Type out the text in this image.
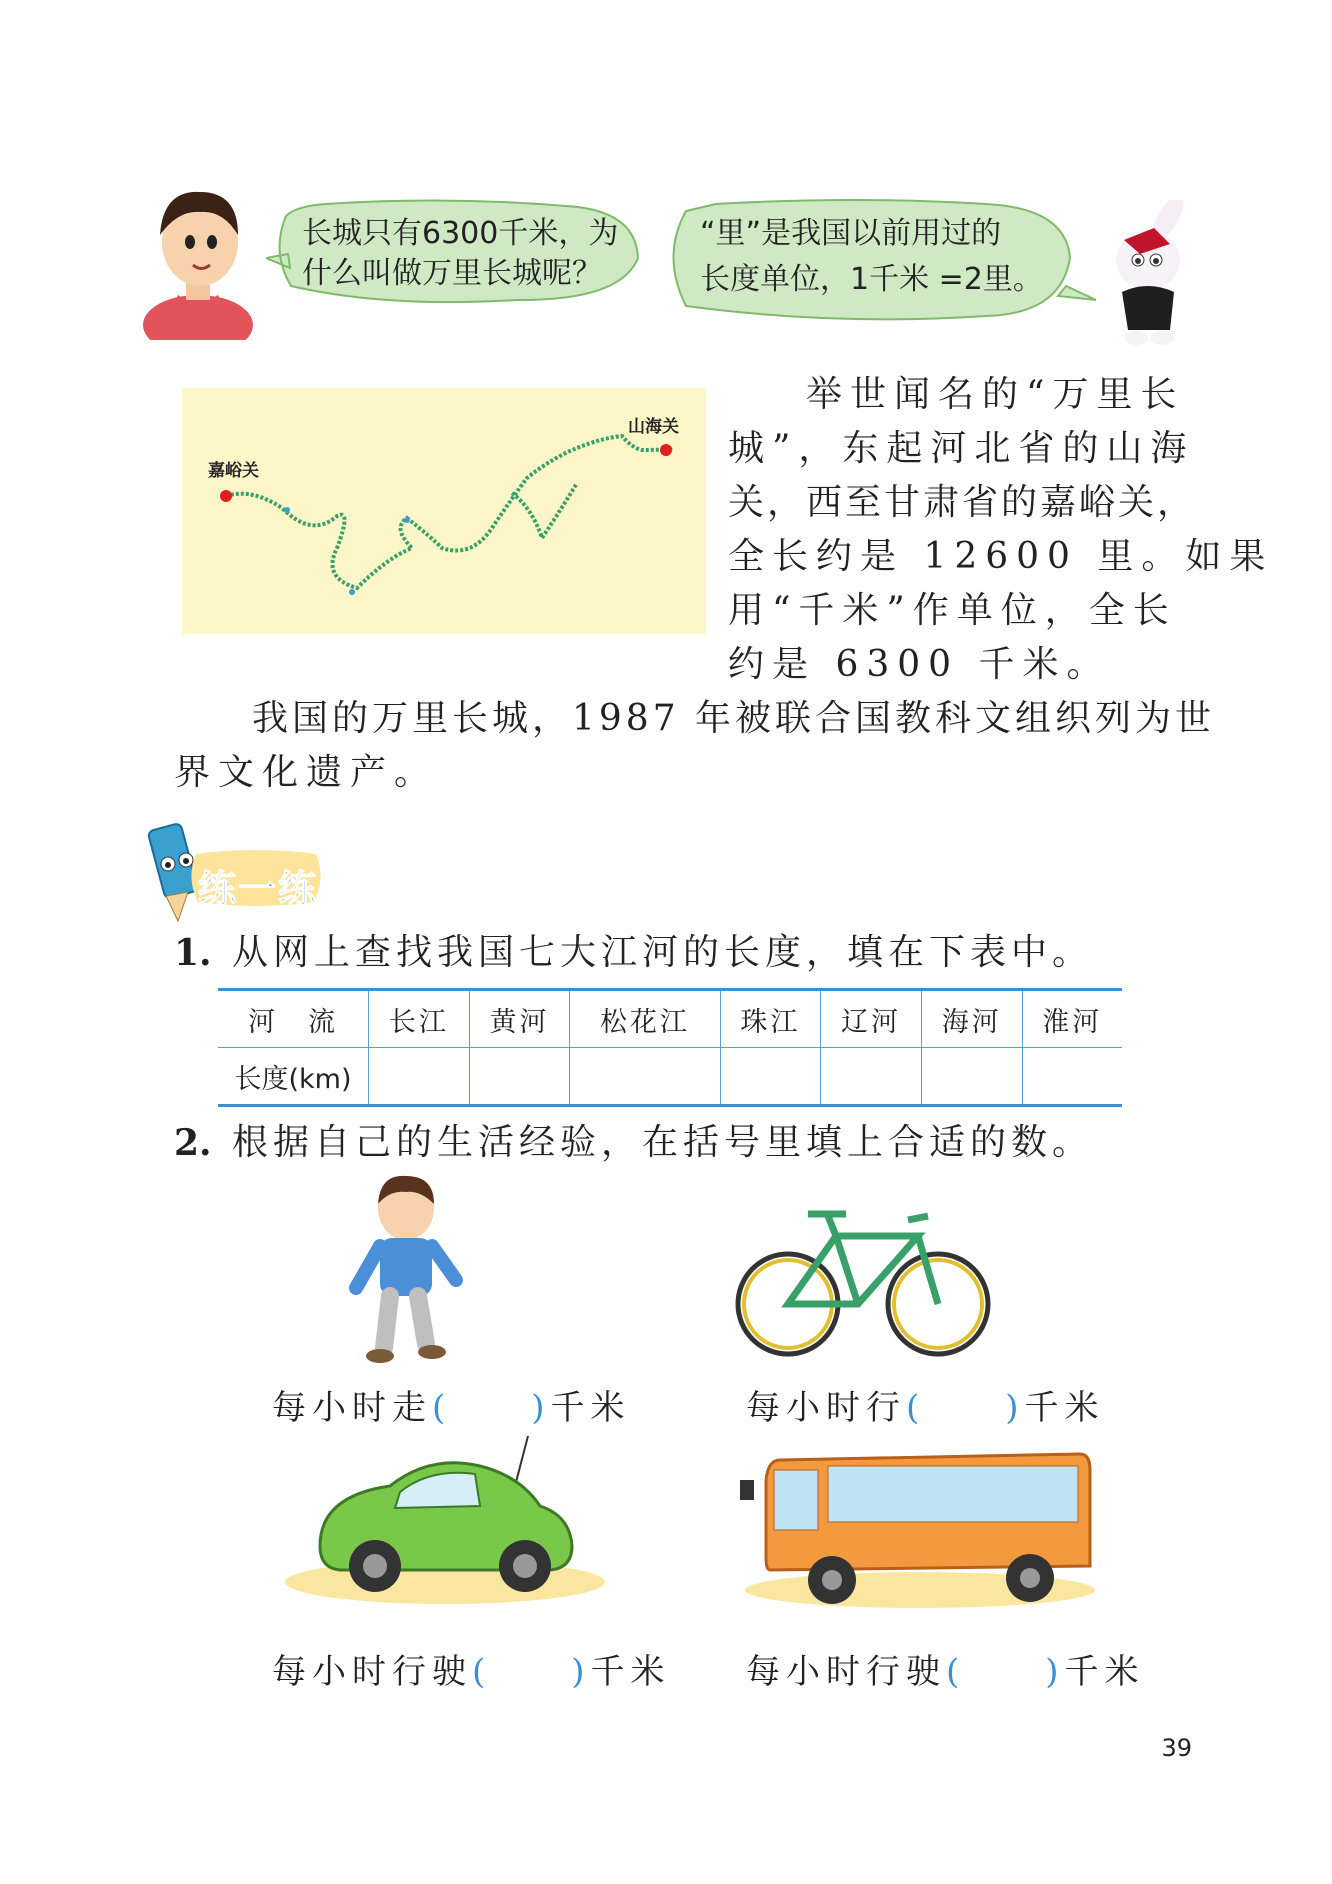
长城只有6300千米，为
什么叫做万里长城呢？
“里”是我国以前用过的
长度单位，1千米 =2里。
嘉峪关
山海关
举世闻名的“万里长
城”，东起河北省的山海
关，西至甘肃省的嘉峪关，
全长约是 12600 里。如果
用“千米”作单位，全长
约是 6300 千米。
我国的万里长城，1987 年被联合国教科文组织列为世
界文化遗产。
练一练
1. 从网上查找我国七大江河的长度，填在下表中。
河　流	长江	黄河	松花江	珠江	辽河	海河	淮河
长度(km)							
2. 根据自己的生活经验，在括号里填上合适的数。
每小时走( )千米	每小时行( )千米
每小时行驶( )千米 每小时行驶( )千米
39
